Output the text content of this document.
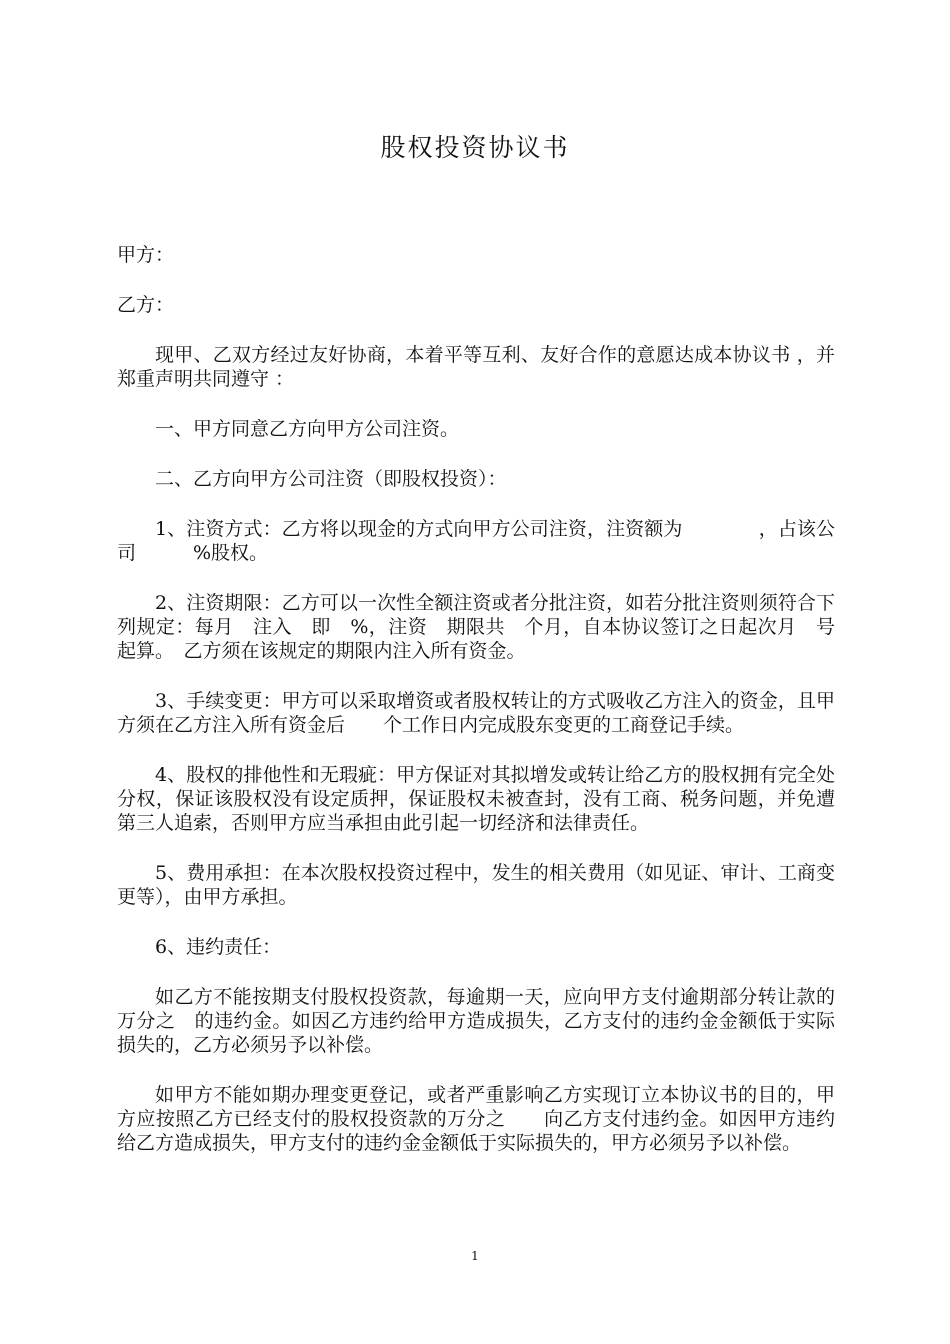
股权投资协议书

甲方：

乙方：

现甲、乙双方经过友好协商，本着平等互利、友好合作的意愿达成本协议书 ，并郑重声明共同遵守 ：

一、甲方同意乙方向甲方公司注资。

二、乙方向甲方公司注资（即股权投资）：

1、注资方式：乙方将以现金的方式向甲方公司注资，注资额为　　　　，占该公司　　　%股权。

2、注资期限：乙方可以一次性全额注资或者分批注资，如若分批注资则须符合下列规定：每月　注入　即　%，注资　期限共　个月，自本协议签订之日起次月　号起算。　乙方须在该规定的期限内注入所有资金。

3、手续变更：甲方可以采取增资或者股权转让的方式吸收乙方注入的资金，且甲方须在乙方注入所有资金后　　个工作日内完成股东变更的工商登记手续。

4、股权的排他性和无瑕疵：甲方保证对其拟增发或转让给乙方的股权拥有完全处分权，保证该股权没有设定质押，保证股权未被查封，没有工商、税务问题，并免遭第三人追索，否则甲方应当承担由此引起一切经济和法律责任。

5、费用承担：在本次股权投资过程中，发生的相关费用（如见证、审计、工商变更等），由甲方承担。

6、违约责任：

如乙方不能按期支付股权投资款，每逾期一天，应向甲方支付逾期部分转让款的万分之　的违约金。如因乙方违约给甲方造成损失，乙方支付的违约金金额低于实际损失的，乙方必须另予以补偿。

如甲方不能如期办理变更登记，或者严重影响乙方实现订立本协议书的目的，甲方应按照乙方已经支付的股权投资款的万分之　　向乙方支付违约金。如因甲方违约给乙方造成损失，甲方支付的违约金金额低于实际损失的，甲方必须另予以补偿。

1
